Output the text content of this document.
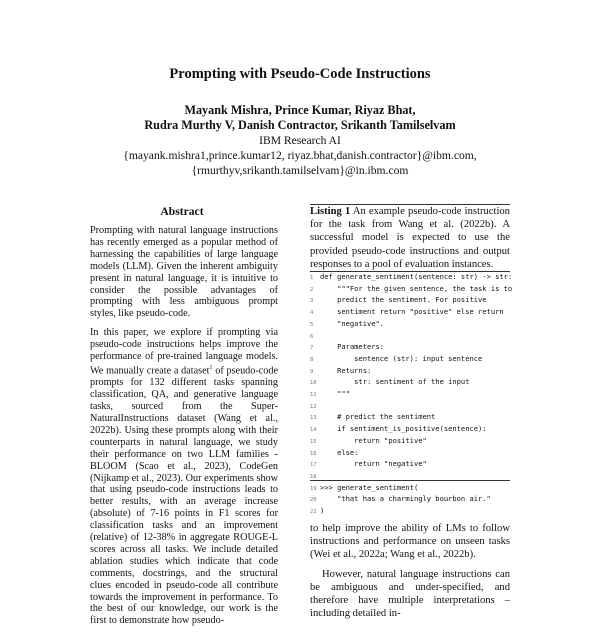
Prompting with Pseudo-Code Instructions
Mayank Mishra, Prince Kumar, Riyaz Bhat,
Rudra Murthy V, Danish Contractor, Srikanth Tamilselvam
IBM Research AI
{mayank.mishra1,prince.kumar12, riyaz.bhat,danish.contractor}@ibm.com,
{rmurthyv,srikanth.tamilselvam}@in.ibm.com
Abstract

Prompting with natural language instructions has recently emerged as a popular method of harnessing the capabilities of large language models (LLM). Given the inherent ambiguity present in natural language, it is intuitive to consider the possible advantages of prompting with less ambiguous prompt styles, like pseudo-code.

In this paper, we explore if prompting via pseudo-code instructions helps improve the performance of pre-trained language models. We manually create a dataset$^1$ of pseudo-code prompts for 132 different tasks spanning classification, QA, and generative language tasks, sourced from the Super-NaturalInstructions dataset (Wang et al., 2022b). Using these prompts along with their counterparts in natural language, we study their performance on two LLM families - BLOOM (Scao et al., 2023), CodeGen (Nijkamp et al., 2023). Our experiments show that using pseudo-code instructions leads to better results, with an average increase (absolute) of 7-16 points in F1 scores for classification tasks and an improvement (relative) of 12-38% in aggregate ROUGE-L scores across all tasks. We include detailed ablation studies which indicate that code comments, docstrings, and the structural clues encoded in pseudo-code all contribute towards the improvement in performance. To the best of our knowledge, our work is the first to demonstrate how pseudo-

Listing 1 An example pseudo-code instruction for the task from Wang et al. (2022b). A successful model is expected to use the provided pseudo-code instructions and output responses to a pool of evaluation instances.
1 def generate_sentiment(sentence: str) -> str:
2    """For the given sentence, the task is to
3    predict the sentiment. For positive
4    sentiment return "positive" else return
5    "negative".
6
7    Parameters:
8        sentence (str): input sentence
9    Returns:
10        str: sentiment of the input
11    """
12
13    # predict the sentiment
14    if sentiment_is_positive(sentence):
15        return "positive"
16    else:
17        return "negative"
18
19 >>> generate_sentiment(
20    "that has a charmingly bourbon air."
21 )

to help improve the ability of LMs to follow instructions and performance on unseen tasks (Wei et al., 2022a; Wang et al., 2022b).

However, natural language instructions can be ambiguous and under-specified, and therefore have multiple interpretations – including detailed in-
